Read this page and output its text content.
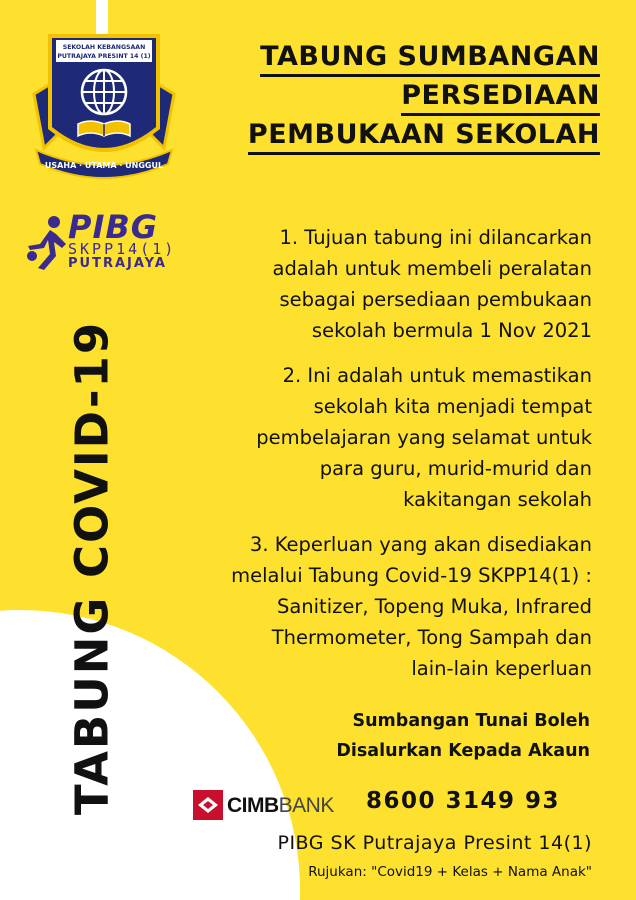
SEKOLAH KEBANGSAAN
PUTRAJAYA PRESINT 14 (1)
USAHA · UTAMA · UNGGUL
TABUNG SUMBANGAN
PERSEDIAAN
PEMBUKAAN SEKOLAH
PIBG
SKPP14(1)
PUTRAJAYA
TABUNG COVID-19

1. Tujuan tabung ini dilancarkan
adalah untuk membeli peralatan
sebagai persediaan pembukaan
sekolah bermula 1 Nov 2021

2. Ini adalah untuk memastikan
sekolah kita menjadi tempat
pembelajaran yang selamat untuk
para guru, murid-murid dan
kakitangan sekolah

3. Keperluan yang akan disediakan
melalui Tabung Covid-19 SKPP14(1) :
Sanitizer, Topeng Muka, Infrared
Thermometer, Tong Sampah dan
lain-lain keperluan

Sumbangan Tunai Boleh
Disalurkan Kepada Akaun
CIMBBANK 8600 3149 93
PIBG SK Putrajaya Presint 14(1)
Rujukan: "Covid19 + Kelas + Nama Anak"
